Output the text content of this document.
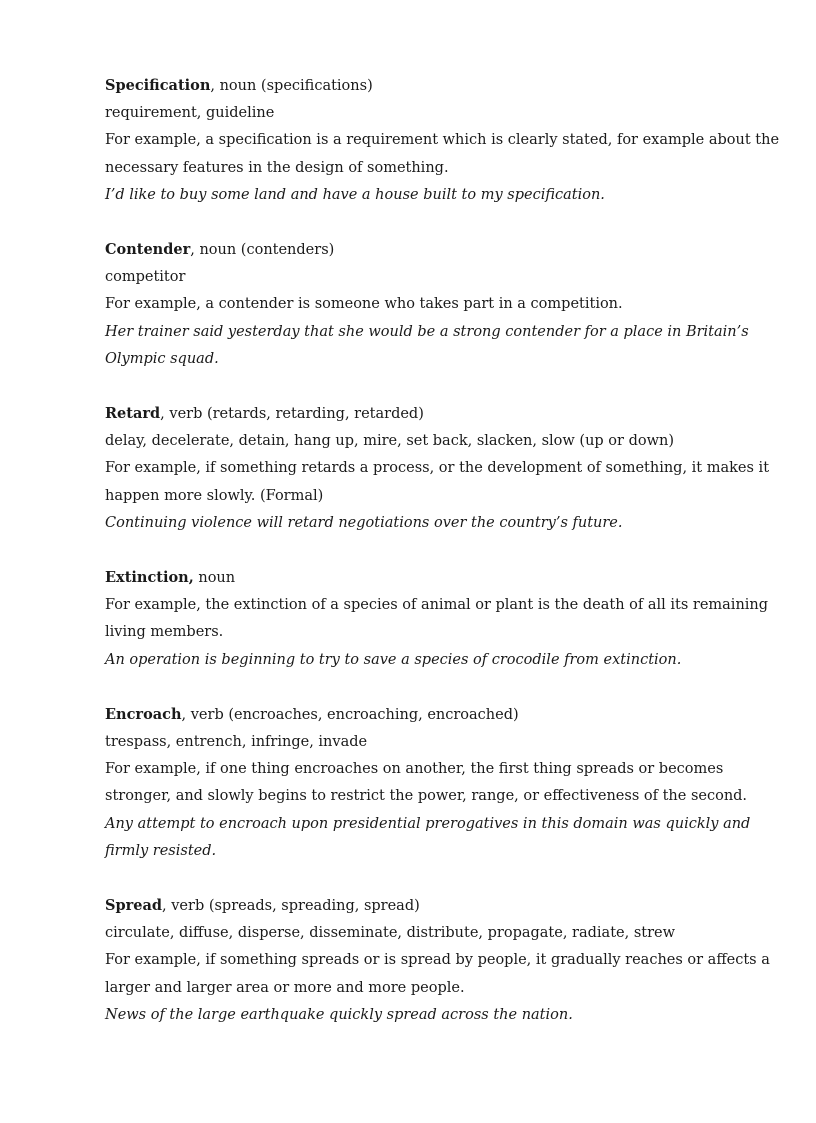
Specification, noun (specifications)
requirement, guideline
For example, a specification is a requirement which is clearly stated, for example about the
necessary features in the design of something.
I’d like to buy some land and have a house built to my specification.
Contender, noun (contenders)
competitor
For example, a contender is someone who takes part in a competition.
Her trainer said yesterday that she would be a strong contender for a place in Britain’s
Olympic squad.
Retard, verb (retards, retarding, retarded)
delay, decelerate, detain, hang up, mire, set back, slacken, slow (up or down)
For example, if something retards a process, or the development of something, it makes it
happen more slowly. (Formal)
Continuing violence will retard negotiations over the country’s future.
Extinction, noun
For example, the extinction of a species of animal or plant is the death of all its remaining
living members.
An operation is beginning to try to save a species of crocodile from extinction.
Encroach, verb (encroaches, encroaching, encroached)
trespass, entrench, infringe, invade
For example, if one thing encroaches on another, the first thing spreads or becomes
stronger, and slowly begins to restrict the power, range, or effectiveness of the second.
Any attempt to encroach upon presidential prerogatives in this domain was quickly and
firmly resisted.
Spread, verb (spreads, spreading, spread)
circulate, diffuse, disperse, disseminate, distribute, propagate, radiate, strew
For example, if something spreads or is spread by people, it gradually reaches or affects a
larger and larger area or more and more people.
News of the large earthquake quickly spread across the nation.
